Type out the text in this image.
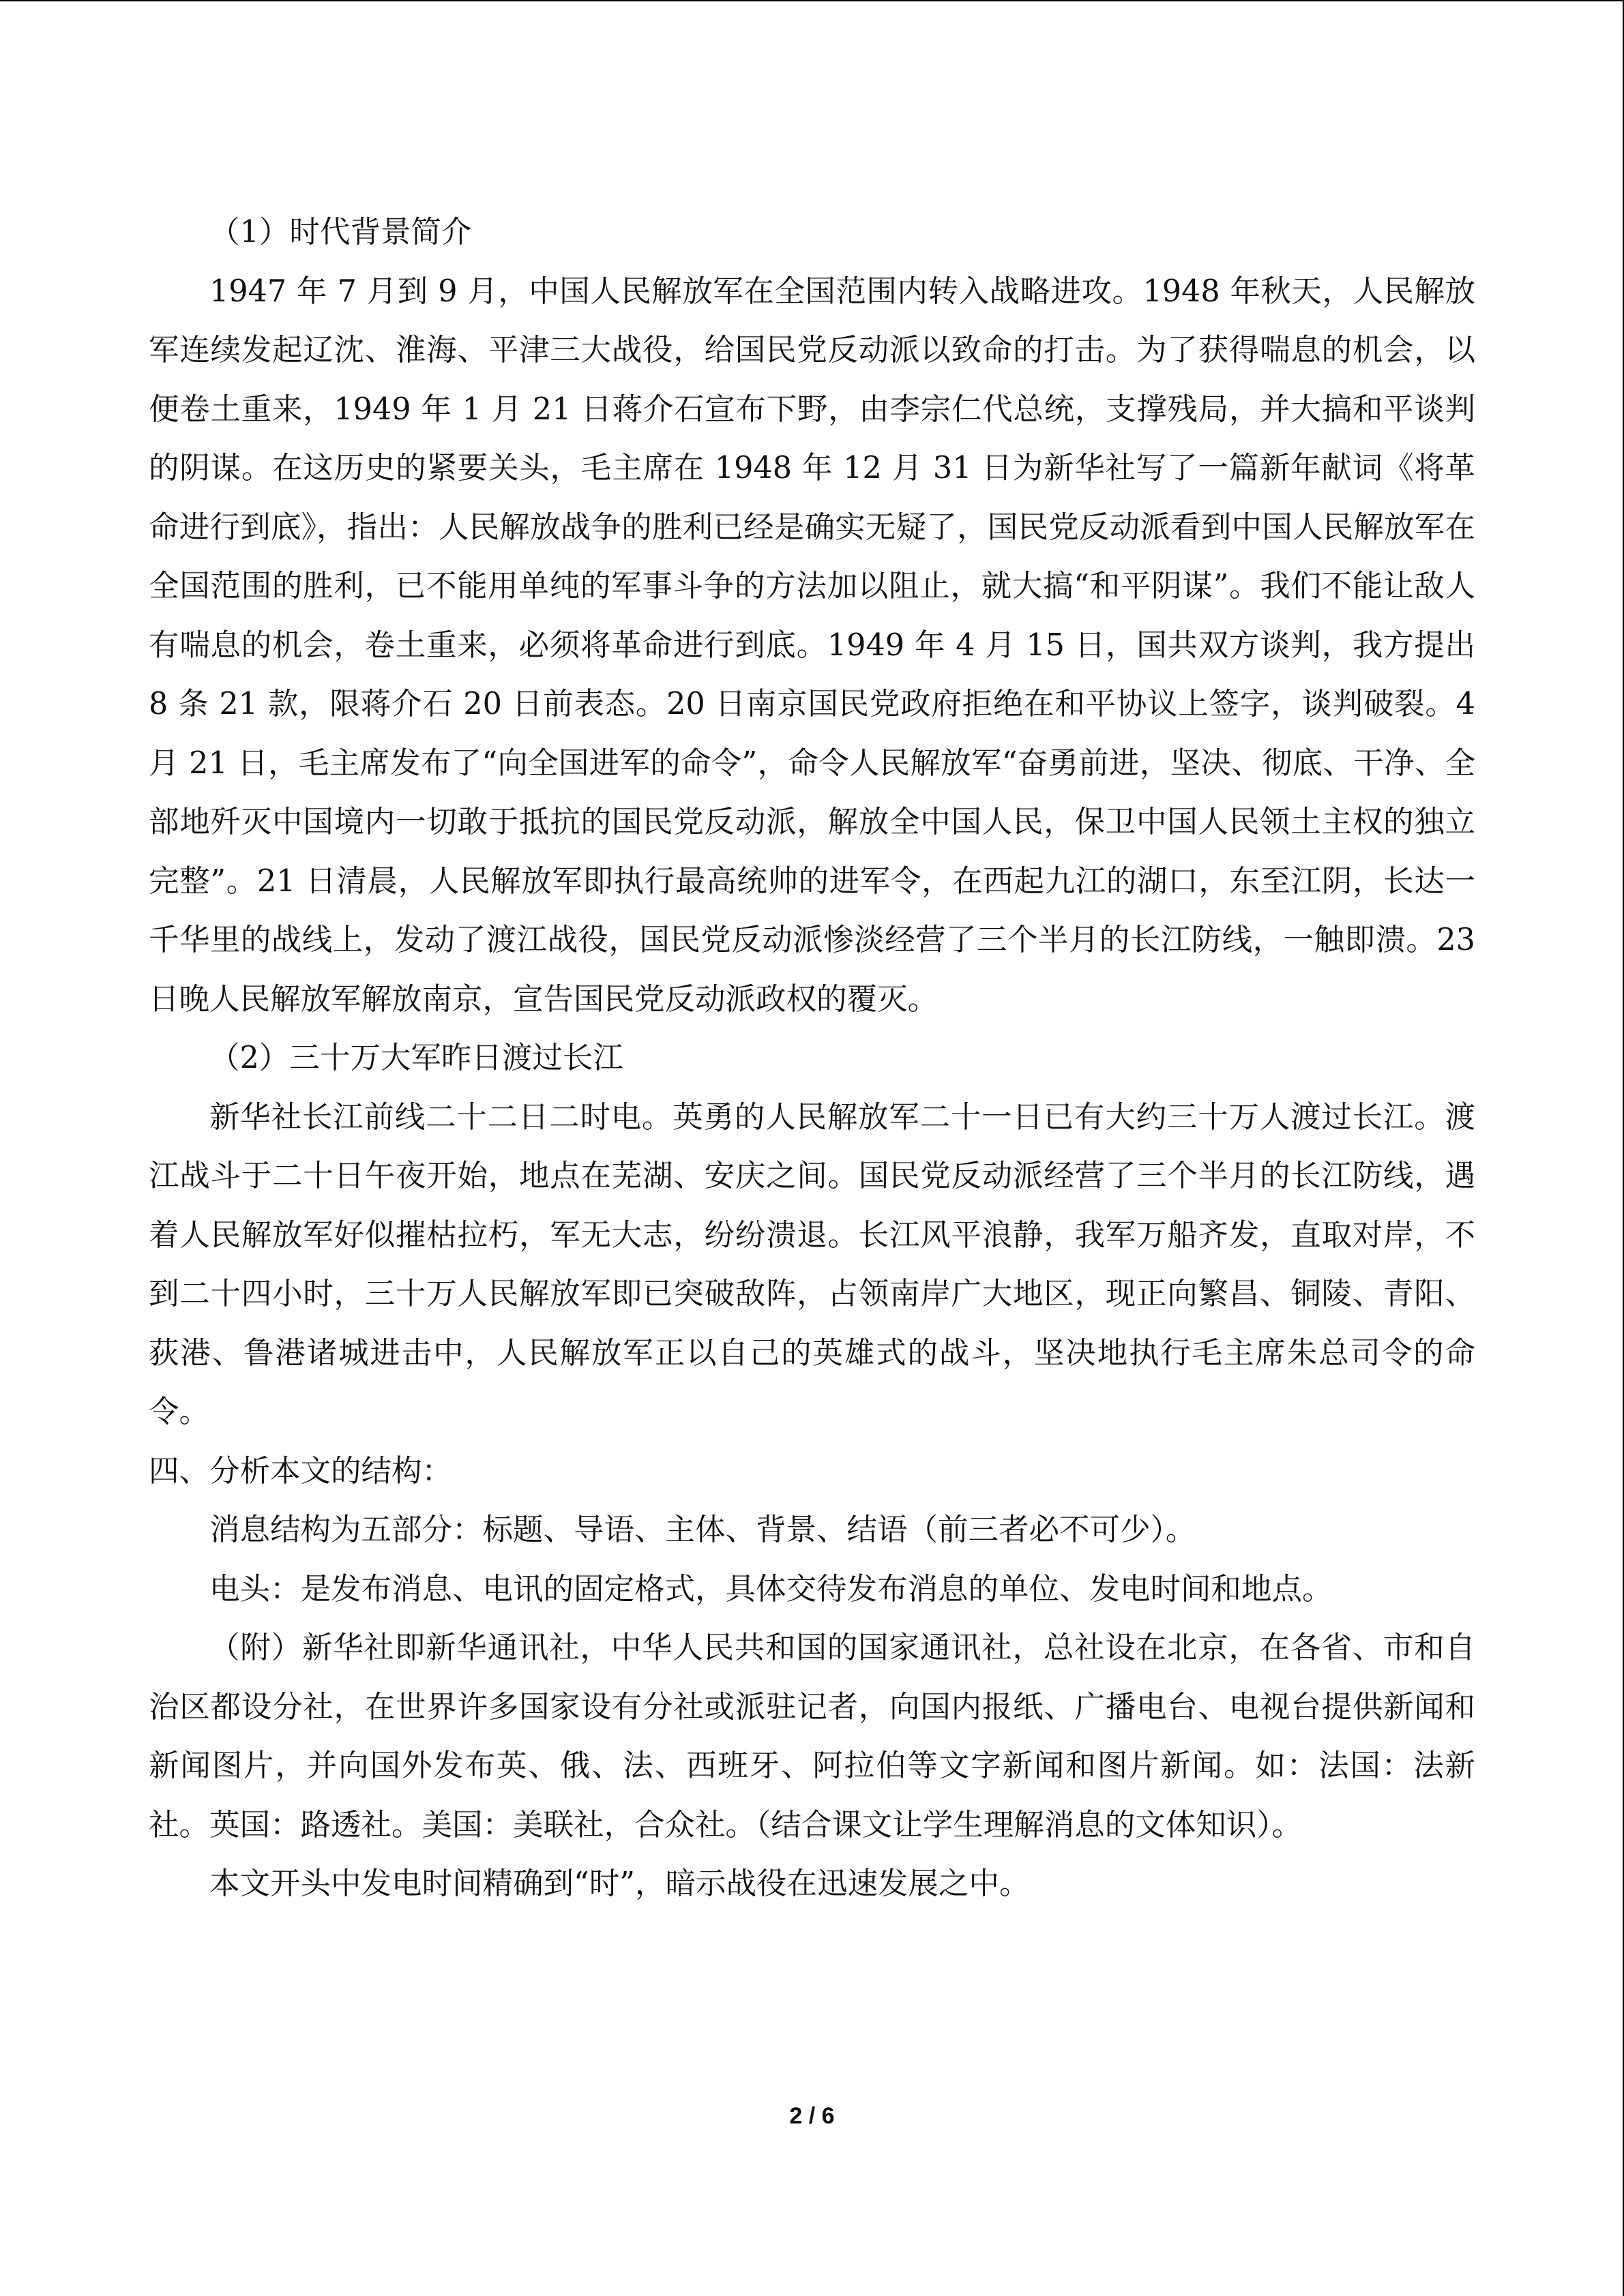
（1）时代背景简介

1947 年 7 月到 9 月，中国人民解放军在全国范围内转入战略进攻。1948 年秋天，人民解放军连续发起辽沈、淮海、平津三大战役，给国民党反动派以致命的打击。为了获得喘息的机会，以便卷土重来，1949 年 1 月 21 日蒋介石宣布下野，由李宗仁代总统，支撑残局，并大搞和平谈判的阴谋。在这历史的紧要关头，毛主席在 1948 年 12 月 31 日为新华社写了一篇新年献词《将革命进行到底》，指出：人民解放战争的胜利已经是确实无疑了，国民党反动派看到中国人民解放军在全国范围的胜利，已不能用单纯的军事斗争的方法加以阻止，就大搞“和平阴谋”。我们不能让敌人有喘息的机会，卷土重来，必须将革命进行到底。1949 年 4 月 15 日，国共双方谈判，我方提出 8 条 21 款，限蒋介石 20 日前表态。20 日南京国民党政府拒绝在和平协议上签字，谈判破裂。4 月 21 日，毛主席发布了“向全国进军的命令”，命令人民解放军“奋勇前进，坚决、彻底、干净、全部地歼灭中国境内一切敢于抵抗的国民党反动派，解放全中国人民，保卫中国人民领土主权的独立完整”。21 日清晨，人民解放军即执行最高统帅的进军令，在西起九江的湖口，东至江阴，长达一千华里的战线上，发动了渡江战役，国民党反动派惨淡经营了三个半月的长江防线，一触即溃。23 日晚人民解放军解放南京，宣告国民党反动派政权的覆灭。

（2）三十万大军昨日渡过长江

新华社长江前线二十二日二时电。英勇的人民解放军二十一日已有大约三十万人渡过长江。渡江战斗于二十日午夜开始，地点在芜湖、安庆之间。国民党反动派经营了三个半月的长江防线，遇着人民解放军好似摧枯拉朽，军无大志，纷纷溃退。长江风平浪静，我军万船齐发，直取对岸，不到二十四小时，三十万人民解放军即已突破敌阵，占领南岸广大地区，现正向繁昌、铜陵、青阳、荻港、鲁港诸城进击中，人民解放军正以自己的英雄式的战斗，坚决地执行毛主席朱总司令的命令。

四、分析本文的结构：

消息结构为五部分：标题、导语、主体、背景、结语（前三者必不可少）。

电头：是发布消息、电讯的固定格式，具体交待发布消息的单位、发电时间和地点。

（附）新华社即新华通讯社，中华人民共和国的国家通讯社，总社设在北京，在各省、市和自治区都设分社，在世界许多国家设有分社或派驻记者，向国内报纸、广播电台、电视台提供新闻和新闻图片，并向国外发布英、俄、法、西班牙、阿拉伯等文字新闻和图片新闻。如：法国：法新社。英国：路透社。美国：美联社，合众社。（结合课文让学生理解消息的文体知识）。

本文开头中发电时间精确到“时”，暗示战役在迅速发展之中。

2 / 6
